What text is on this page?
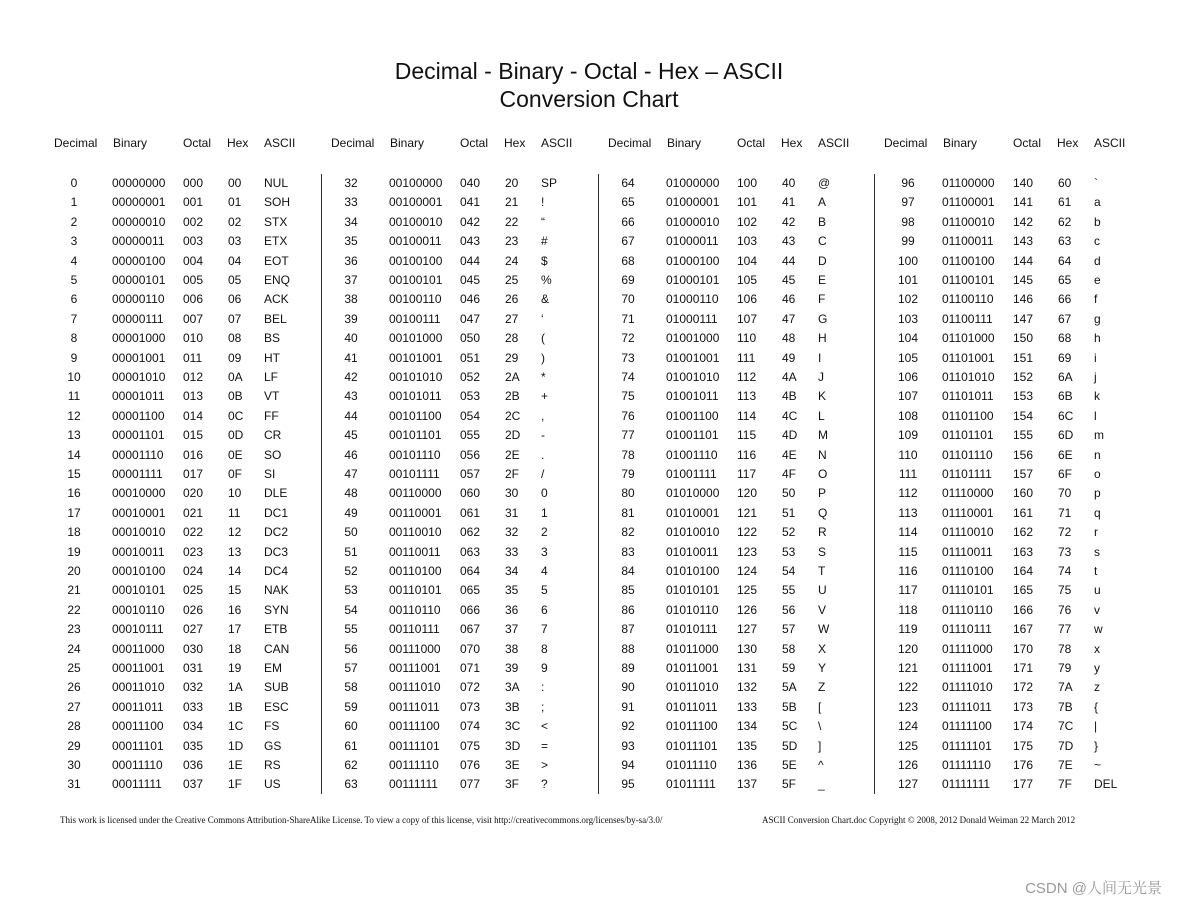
Decimal - Binary - Octal - Hex – ASCII
Conversion Chart
Decimal Binary	Octal Hex ASCII
0	00000000 000 00 NUL
1	00000001 001 01 SOH
2	00000010 002 02 STX
3	00000011 003 03 ETX
4	00000100 004 04 EOT
5	00000101 005 05 ENQ
6	00000110 006 06 ACK
7	00000111 007 07 BEL
8	00001000 010 08 BS
9	00001001 011 09 HT
10	00001010 012 0A LF
11	00001011 013 0B VT
12	00001100 014 0C FF
13	00001101 015 0D CR
14	00001110 016 0E SO
15	00001111 017 0F SI
16	00010000 020 10 DLE
17	00010001 021 11 DC1
18	00010010 022 12 DC2
19	00010011 023 13 DC3
20	00010100 024 14 DC4
21	00010101 025 15 NAK
22	00010110 026 16 SYN
23	00010111 027 17 ETB
24	00011000 030 18 CAN
25	00011001 031 19 EM
26	00011010 032 1A SUB
27	00011011 033 1B ESC
28	00011100 034 1C FS
29	00011101 035 1D GS
30	00011110 036 1E RS
31	00011111 037 1F US
Decimal Binary	Octal Hex ASCII
32	00100000 040 20 SP
33	00100001 041 21 !
34	00100010 042 22 “
35	00100011 043 23 #
36	00100100 044 24 $
37	00100101 045 25 %
38	00100110 046 26 &
39	00100111 047 27 ‘
40	00101000 050 28 (
41	00101001 051 29 )
42	00101010 052 2A *
43	00101011 053 2B +
44	00101100 054 2C ,
45	00101101 055 2D -
46	00101110 056 2E .
47	00101111 057 2F /
48	00110000 060 30 0
49	00110001 061 31 1
50	00110010 062 32 2
51	00110011 063 33 3
52	00110100 064 34 4
53	00110101 065 35 5
54	00110110 066 36 6
55	00110111 067 37 7
56	00111000 070 38 8
57	00111001 071 39 9
58	00111010 072 3A :
59	00111011 073 3B ;
60	00111100 074 3C <
61	00111101 075 3D =
62	00111110 076 3E >
63	00111111 077 3F ?
Decimal Binary	Octal Hex ASCII
64	01000000 100 40 @
65	01000001 101 41 A
66	01000010 102 42 B
67	01000011 103 43 C
68	01000100 104 44 D
69	01000101 105 45 E
70	01000110 106 46 F
71	01000111 107 47 G
72	01001000 110 48 H
73	01001001 111 49 I
74	01001010 112 4A J
75	01001011 113 4B K
76	01001100 114 4C L
77	01001101 115 4D M
78	01001110 116 4E N
79	01001111 117 4F O
80	01010000 120 50 P
81	01010001 121 51 Q
82	01010010 122 52 R
83	01010011 123 53 S
84	01010100 124 54 T
85	01010101 125 55 U
86	01010110 126 56 V
87	01010111 127 57 W
88	01011000 130 58 X
89	01011001 131 59 Y
90	01011010 132 5A Z
91	01011011 133 5B [
92	01011100 134 5C \
93	01011101 135 5D ]
94	01011110 136 5E ^
95	01011111 137 5F _
Decimal Binary	Octal Hex ASCII
96	01100000 140 60 `
97	01100001 141 61 a
98	01100010 142 62 b
99	01100011 143 63 c
100	01100100 144 64 d
101	01100101 145 65 e
102	01100110 146 66 f
103	01100111 147 67 g
104	01101000 150 68 h
105	01101001 151 69 i
106	01101010 152 6A j
107	01101011 153 6B k
108	01101100 154 6C l
109	01101101 155 6D m
110	01101110 156 6E n
111	01101111 157 6F o
112	01110000 160 70 p
113	01110001 161 71 q
114	01110010 162 72 r
115	01110011 163 73 s
116	01110100 164 74 t
117	01110101 165 75 u
118	01110110 166 76 v
119	01110111 167 77 w
120	01111000 170 78 x
121	01111001 171 79 y
122	01111010 172 7A z
123	01111011 173 7B {
124	01111100 174 7C |
125	01111101 175 7D }
126	01111110 176 7E ~
127	01111111 177 7F DEL
This work is licensed under the Creative Commons Attribution-ShareAlike License. To view a copy of this license, visit http://creativecommons.org/licenses/by-sa/3.0/	ASCII Conversion Chart.doc Copyright © 2008, 2012 Donald Weiman 22 March 2012
CSDN @人间无光景
